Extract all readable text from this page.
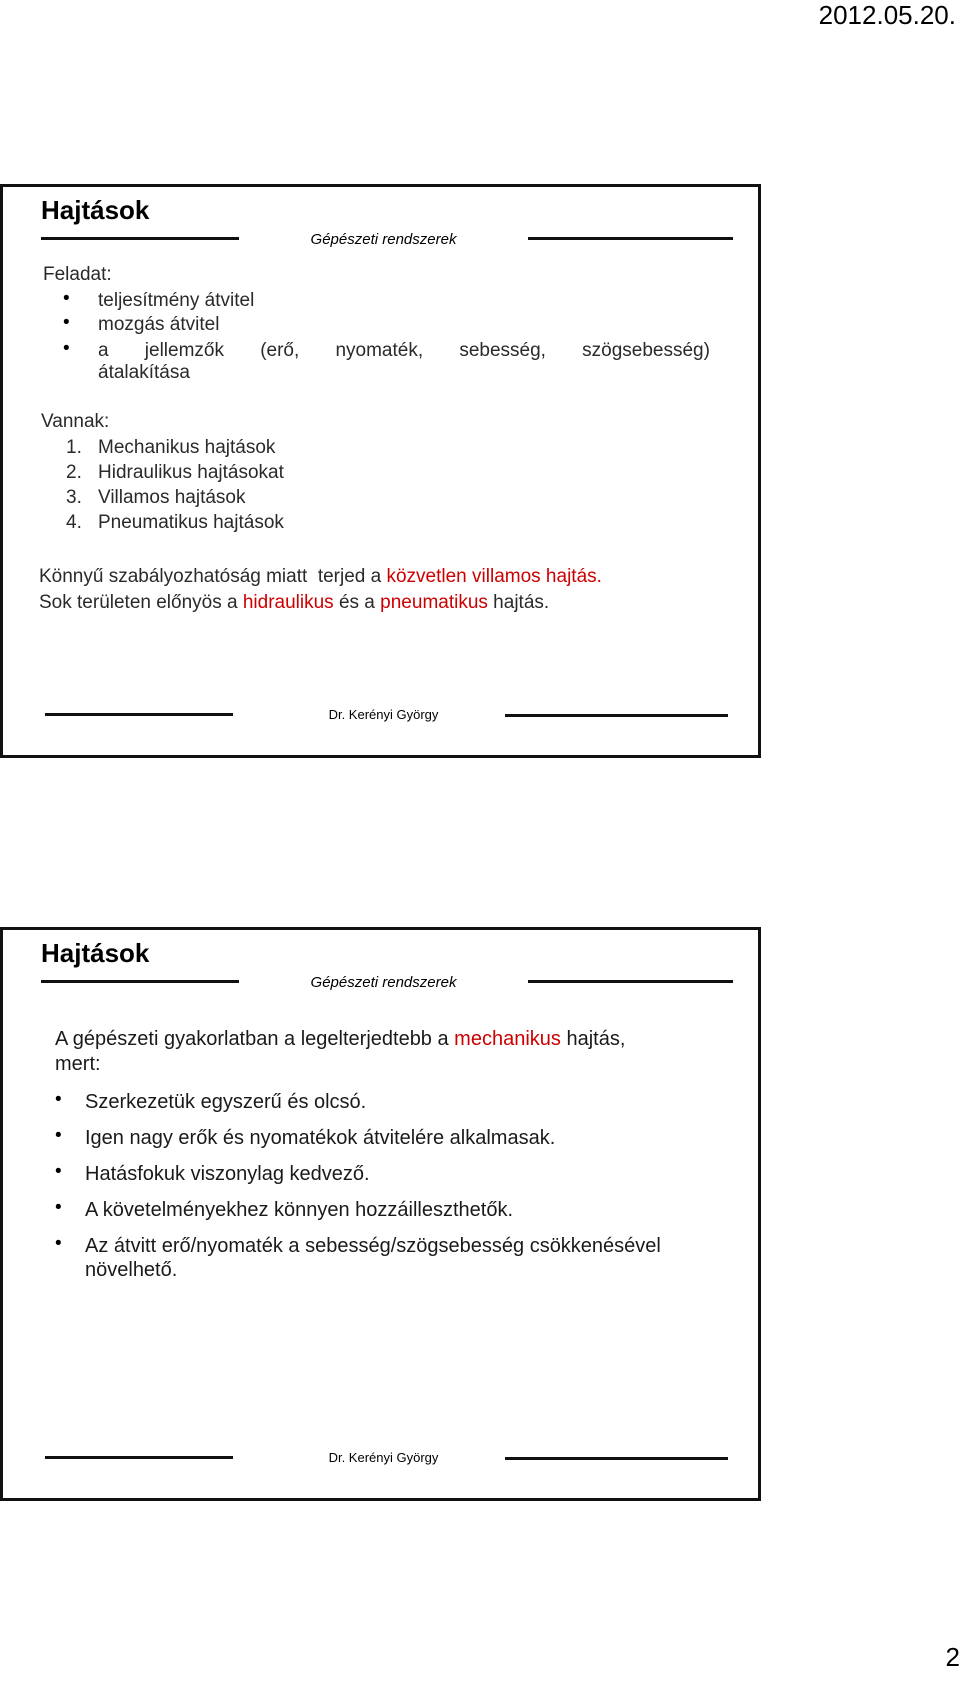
2012.05.20.
Hajtások
Gépészeti rendszerek
Feladat:
• teljesítmény átvitel
• mozgás átvitel
• a jellemzők (erő, nyomaték, sebesség, szögsebesség)
átalakítása
Vannak:
1. Mechanikus hajtások
2. Hidraulikus hajtásokat
3. Villamos hajtások
4. Pneumatikus hajtások
Könnyű szabályozhatóság miatt  terjed a közvetlen villamos hajtás.
Sok területen előnyös a hidraulikus és a pneumatikus hajtás.
Dr. Kerényi György
Hajtások
Gépészeti rendszerek
A gépészeti gyakorlatban a legelterjedtebb a mechanikus hajtás,
mert:
• Szerkezetük egyszerű és olcsó.
• Igen nagy erők és nyomatékok átvitelére alkalmasak.
• Hatásfokuk viszonylag kedvező.
• A követelményekhez könnyen hozzáilleszthetők.
• Az átvitt erő/nyomaték a sebesség/szögsebesség csökkenésével
növelhető.
Dr. Kerényi György
2
